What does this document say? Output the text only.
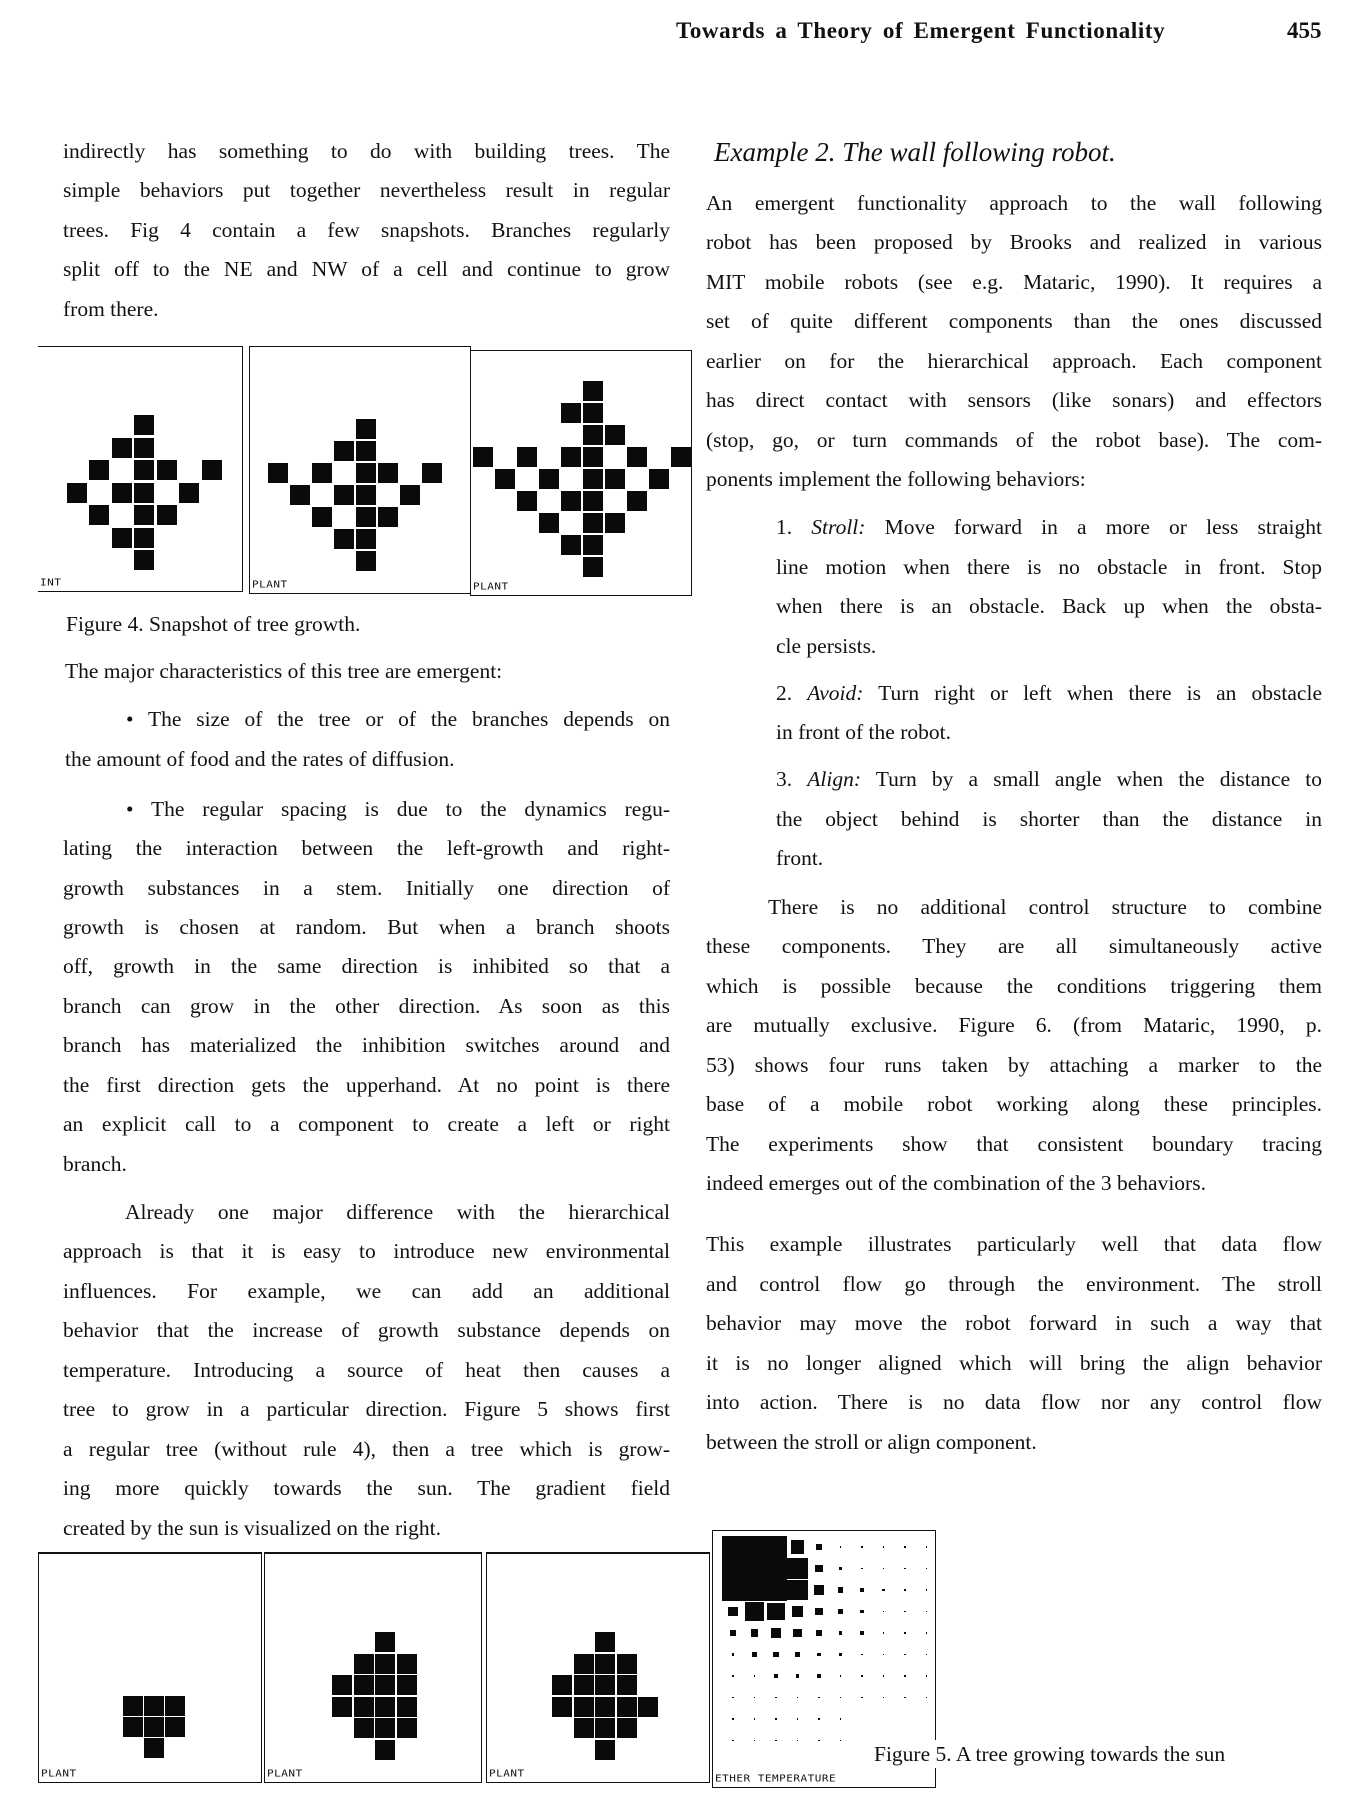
Towards a Theory of Emergent Functionality	455
indirectly has something to do with building trees. The
simple behaviors put together nevertheless result in regular
trees. Fig 4 contain a few snapshots. Branches regularly
split off to the NE and NW of a cell and continue to grow
from there.
INT	PLANT	PLANT
Figure 4. Snapshot of tree growth.
The major characteristics of this tree are emergent:
• The size of the tree or of the branches depends on
the amount of food and the rates of diffusion.
• The regular spacing is due to the dynamics regu-
lating the interaction between the left-growth and right-
growth substances in a stem. Initially one direction of
growth is chosen at random. But when a branch shoots
off, growth in the same direction is inhibited so that a
branch can grow in the other direction. As soon as this
branch has materialized the inhibition switches around and
the first direction gets the upperhand. At no point is there
an explicit call to a component to create a left or right
branch.
Already one major difference with the hierarchical
approach is that it is easy to introduce new environmental
influences. For example, we can add an additional
behavior that the increase of growth substance depends on
temperature. Introducing a source of heat then causes a
tree to grow in a particular direction. Figure 5 shows first
a regular tree (without rule 4), then a tree which is grow-
ing more quickly towards the sun. The gradient field
created by the sun is visualized on the right.
Example 2. The wall following robot.
An emergent functionality approach to the wall following
robot has been proposed by Brooks and realized in various
MIT mobile robots (see e.g. Mataric, 1990). It requires a
set of quite different components than the ones discussed
earlier on for the hierarchical approach. Each component
has direct contact with sensors (like sonars) and effectors
(stop, go, or turn commands of the robot base). The com-
ponents implement the following behaviors:
1. Stroll: Move forward in a more or less straight
line motion when there is no obstacle in front. Stop
when there is an obstacle. Back up when the obsta-
cle persists.
2. Avoid: Turn right or left when there is an obstacle
in front of the robot.
3. Align: Turn by a small angle when the distance to
the object behind is shorter than the distance in
front.
There is no additional control structure to combine
these components. They are all simultaneously active
which is possible because the conditions triggering them
are mutually exclusive. Figure 6. (from Mataric, 1990, p.
53) shows four runs taken by attaching a marker to the
base of a mobile robot working along these principles.
The experiments show that consistent boundary tracing
indeed emerges out of the combination of the 3 behaviors.
This example illustrates particularly well that data flow
and control flow go through the environment. The stroll
behavior may move the robot forward in such a way that
it is no longer aligned which will bring the align behavior
into action. There is no data flow nor any control flow
between the stroll or align component.
PLANT	PLANT	PLANT	ETHER TEMPERATURE
Figure 5. A tree growing towards the sun
